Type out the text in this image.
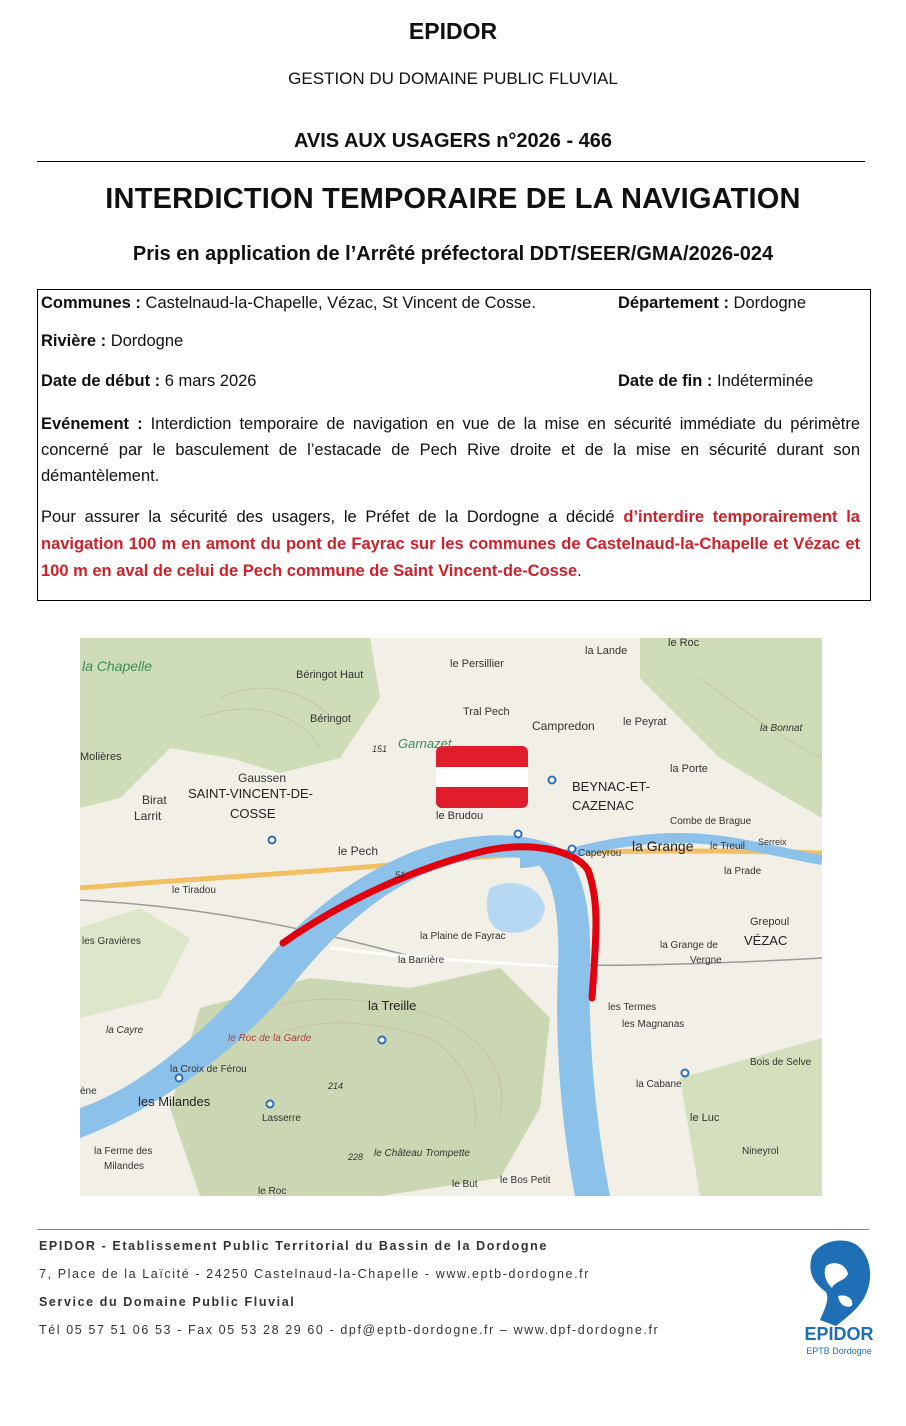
EPIDOR
GESTION DU DOMAINE PUBLIC FLUVIAL
AVIS AUX USAGERS n°2026 - 466
INTERDICTION TEMPORAIRE DE LA NAVIGATION
Pris en application de l’Arrêté préfectoral DDT/SEER/GMA/2026-024
Communes : Castelnaud-la-Chapelle, Vézac, St Vincent de Cosse.	Département : Dordogne
Rivière : Dordogne
Date de début : 6 mars 2026	Date de fin : Indéterminée
Evénement : Interdiction temporaire de navigation en vue de la mise en sécurité immédiate du périmètre concerné par le basculement de l’estacade de Pech Rive droite et de la mise en sécurité durant son démantèlement.
Pour assurer la sécurité des usagers, le Préfet de la Dordogne a décidé d’interdire temporairement la navigation 100 m en amont du pont de Fayrac sur les communes de Castelnaud-la-Chapelle et Vézac et 100 m en aval de celui de Pech commune de Saint Vincent-de-Cosse.
la Chapelle
Béringot Haut
Béringot
le Persillier
la Lande
le Roc
Tral Pech
Campredon	le Peyrat
la Bonnat
Garnazet
151
Molières
Gaussen
SAINT-VINCENT-DE-
COSSE
Birat
Larrit
BEYNAC-ET-
CAZENAC
la Porte
le Brudou	Combe de Brague
le Pech	Capeyrou la Grange le Treuil Serreix
la Prade
le Tiradou
51
Grepoul
VÉZAC
les Gravières	la Plaine de Fayrac
la Grange de
Vergne
la Barrière
la Treille	les Termes
les Magnanas
la Cayre
le Roc de la Garde
Bois de Selve
la Croix de Férou
ène	214	la Cabane
les Milandes
Lasserre	le Luc
la Ferme des
Milandes
le Château Trompette
228	Nineyrol
le Roc
le But le Bos Petit
EPIDOR - Etablissement Public Territorial du Bassin de la Dordogne
7, Place de la Laïcité - 24250 Castelnaud-la-Chapelle - www.eptb-dordogne.fr
Service du Domaine Public Fluvial
Tél 05 57 51 06 53 - Fax 05 53 28 29 60 - dpf@eptb-dordogne.fr – www.dpf-dordogne.fr	EPIDOR
EPTB Dordogne
